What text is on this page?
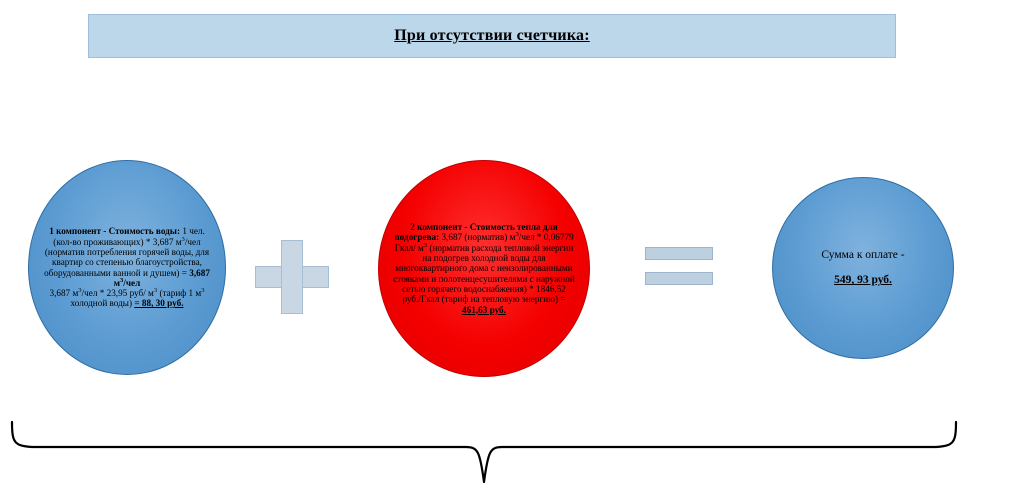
При отсутствии счетчика:
1 компонент - Стоимость воды: 1 чел. (кол-во проживающих) * 3,687 $м^3$/чел (норматив потребления горячей воды, для квартир со степенью благоустройства, оборудованными ванной и душем) = 3,687 $м^3$/чел
3,687 $м^3$/чел * 23,95 руб/ $м^3$ (тариф 1 $м^3$ холодной воды) = 88, 30 руб.
2 компонент - Стоимость тепла для подогрева: 3,687 (норматив) $м^3$/чел * 0,06779 Гкал/ $м^3$ (норматив расхода тепловой энергии на подогрев холодной воды для многоквартирного дома с неизолированными стояками и полотенцесушителями с наружной сетью горячего водоснабжения) * 1846,52 руб./Гкал (тариф на тепловую энергию) = 461,63 руб.
Сумма к оплате -

549, 93 руб.
